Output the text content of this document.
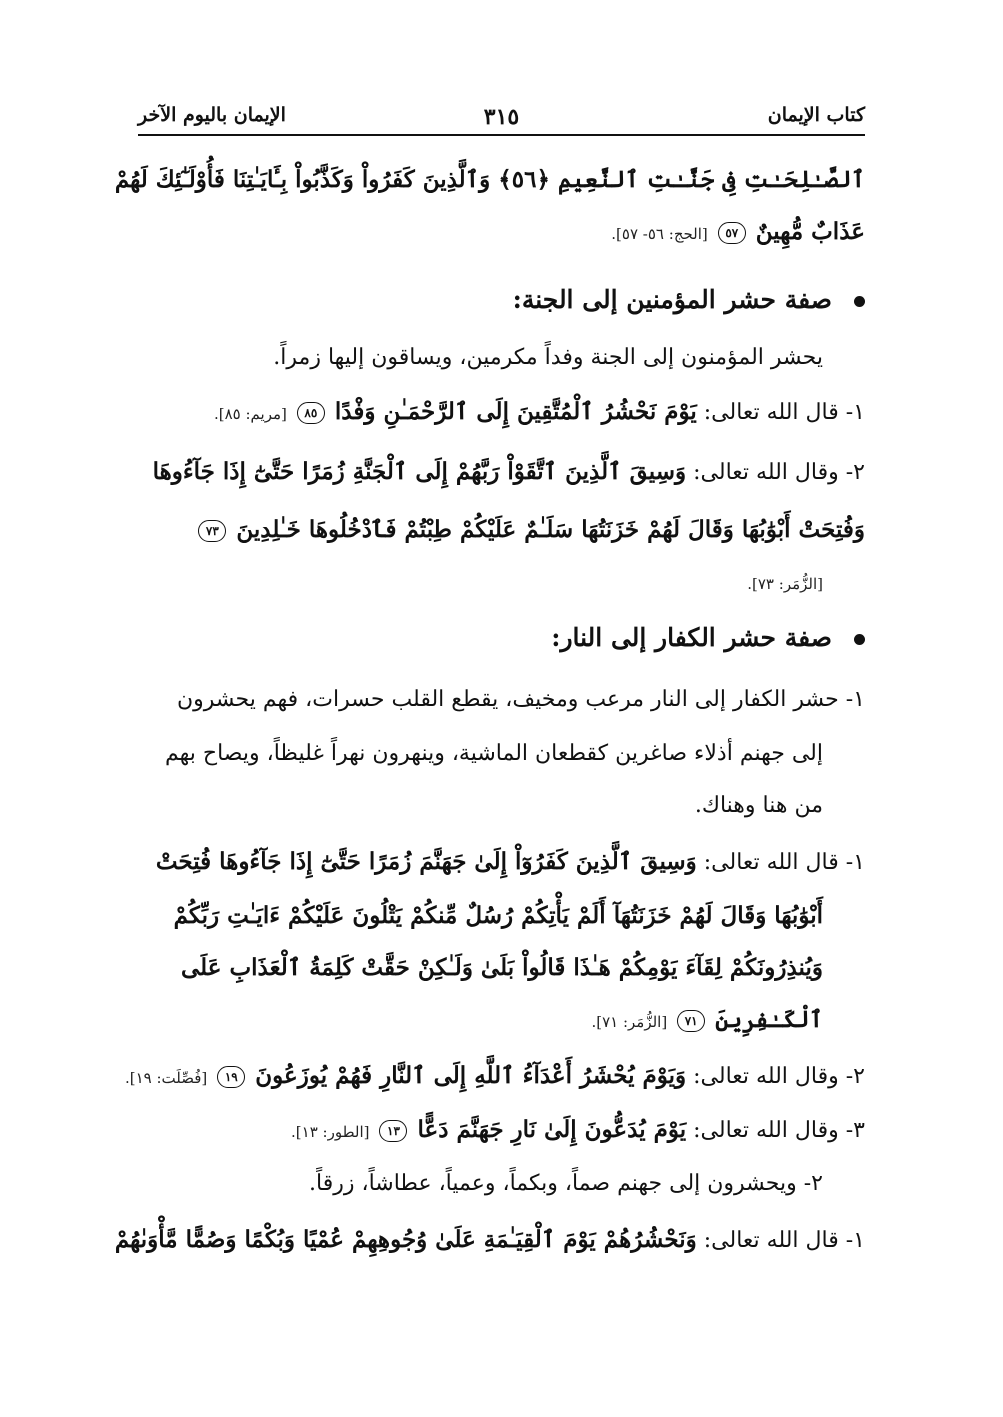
كتاب الإيمان
٣١٥
الإيمان باليوم الآخر
ٱلصَّـٰلِحَـٰتِ فِى جَنَّـٰتِ ٱلنَّعِيمِ ﴿٥٦﴾ وَٱلَّذِينَ كَفَرُواْ وَكَذَّبُواْ بِـَٔايَـٰتِنَا فَأُوْلَـٰٓئِكَ لَهُمْ
عَذَابٌ مُّهِينٌ ٥٧ [الحج: ٥٦- ٥٧].
صفة حشر المؤمنين إلى الجنة:
يحشر المؤمنون إلى الجنة وفداً مكرمين، ويساقون إليها زمراً.
١- قال الله تعالى: يَوْمَ نَحْشُرُ ٱلْمُتَّقِينَ إِلَى ٱلرَّحْمَـٰنِ وَفْدًا ٨٥ [مريم: ٨٥].
٢- وقال الله تعالى: وَسِيقَ ٱلَّذِينَ ٱتَّقَوْاْ رَبَّهُمْ إِلَى ٱلْجَنَّةِ زُمَرًا حَتَّىٰٓ إِذَا جَآءُوهَا
وَفُتِحَتْ أَبْوَٰبُهَا وَقَالَ لَهُمْ خَزَنَتُهَا سَلَـٰمٌ عَلَيْكُمْ طِبْتُمْ فَٱدْخُلُوهَا خَـٰلِدِينَ ٧٣
[الزُّمَر: ٧٣].
صفة حشر الكفار إلى النار:
١- حشر الكفار إلى النار مرعب ومخيف، يقطع القلب حسرات، فهم يحشرون
إلى جهنم أذلاء صاغرين كقطعان الماشية، وينهرون نهراً غليظاً، ويصاح بهم
من هنا وهناك.
١- قال الله تعالى: وَسِيقَ ٱلَّذِينَ كَفَرُوٓاْ إِلَىٰ جَهَنَّمَ زُمَرًا حَتَّىٰٓ إِذَا جَآءُوهَا فُتِحَتْ
أَبْوَٰبُهَا وَقَالَ لَهُمْ خَزَنَتُهَآ أَلَمْ يَأْتِكُمْ رُسُلٌ مِّنكُمْ يَتْلُونَ عَلَيْكُمْ ءَايَـٰتِ رَبِّكُمْ
وَيُنذِرُونَكُمْ لِقَآءَ يَوْمِكُمْ هَـٰذَا قَالُواْ بَلَىٰ وَلَـٰكِنْ حَقَّتْ كَلِمَةُ ٱلْعَذَابِ عَلَى
ٱلْكَـٰفِرِينَ ٧١ [الزُّمَر: ٧١].
٢- وقال الله تعالى: وَيَوْمَ يُحْشَرُ أَعْدَآءُ ٱللَّهِ إِلَى ٱلنَّارِ فَهُمْ يُوزَعُونَ ١٩ [فُصِّلَت: ١٩].
٣- وقال الله تعالى: يَوْمَ يُدَعُّونَ إِلَىٰ نَارِ جَهَنَّمَ دَعًّا ١٣ [الطور: ١٣].
٢- ويحشرون إلى جهنم صماً، وبكماً، وعمياً، عطاشاً، زرقاً.
١- قال الله تعالى: وَنَحْشُرُهُمْ يَوْمَ ٱلْقِيَـٰمَةِ عَلَىٰ وُجُوهِهِمْ عُمْيًا وَبُكْمًا وَصُمًّا مَّأْوَىٰهُمْ
